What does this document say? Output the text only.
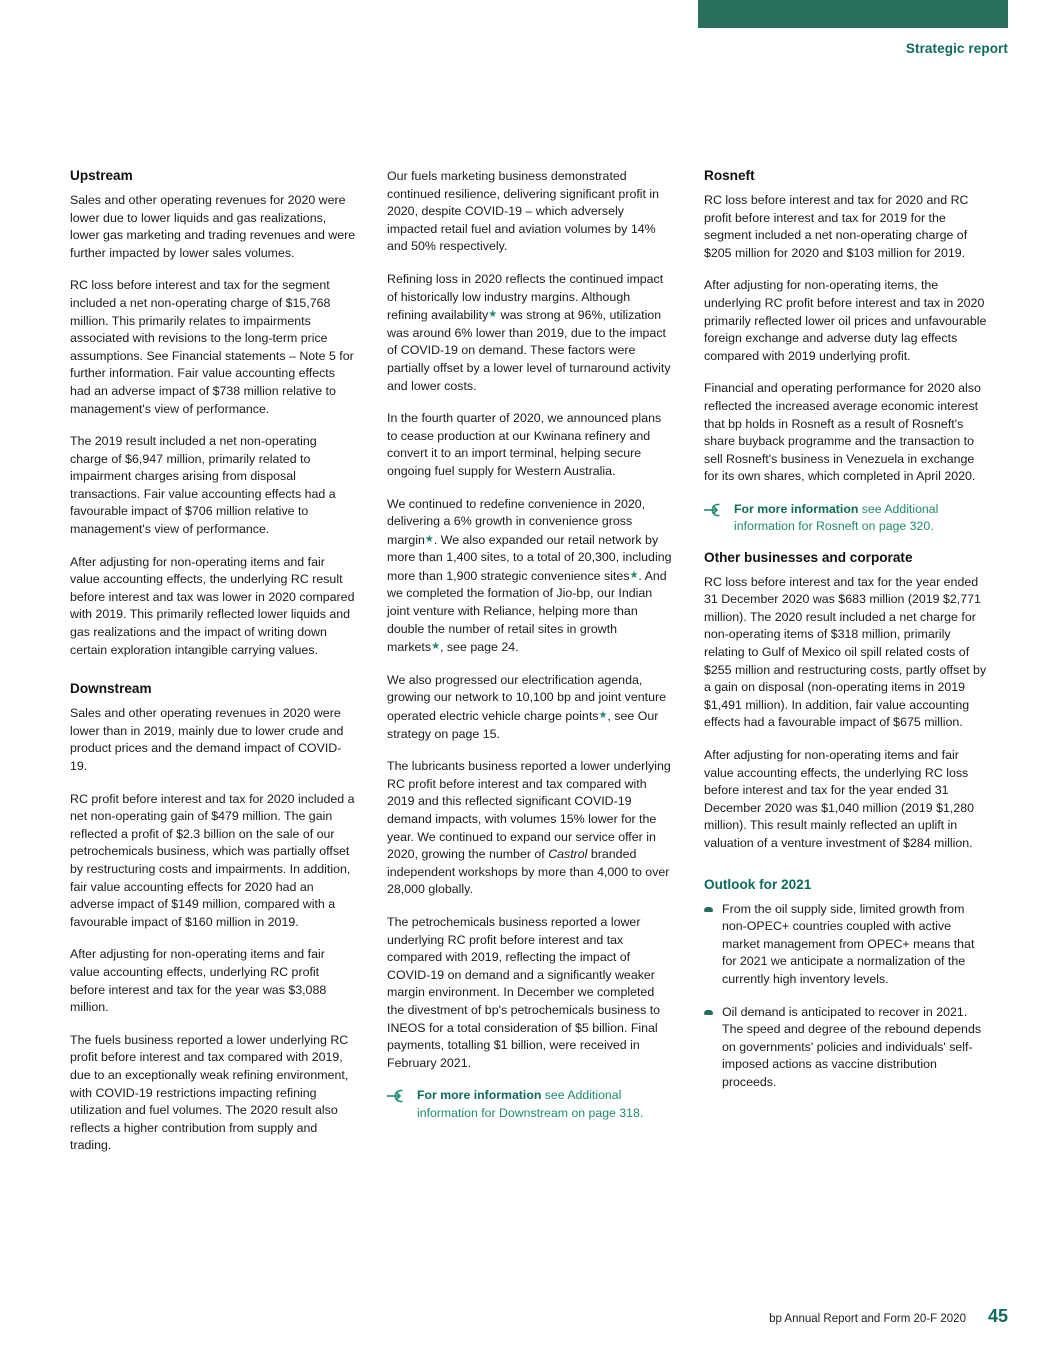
Strategic report
Upstream

Sales and other operating revenues for 2020 were lower due to lower liquids and gas realizations, lower gas marketing and trading revenues and were further impacted by lower sales volumes.

RC loss before interest and tax for the segment included a net non-operating charge of $15,768 million. This primarily relates to impairments associated with revisions to the long-term price assumptions. See Financial statements – Note 5 for further information. Fair value accounting effects had an adverse impact of $738 million relative to management's view of performance.

The 2019 result included a net non-operating charge of $6,947 million, primarily related to impairment charges arising from disposal transactions. Fair value accounting effects had a favourable impact of $706 million relative to management's view of performance.

After adjusting for non-operating items and fair value accounting effects, the underlying RC result before interest and tax was lower in 2020 compared with 2019. This primarily reflected lower liquids and gas realizations and the impact of writing down certain exploration intangible carrying values.

Downstream

Sales and other operating revenues in 2020 were lower than in 2019, mainly due to lower crude and product prices and the demand impact of COVID-19.

RC profit before interest and tax for 2020 included a net non-operating gain of $479 million. The gain reflected a profit of $2.3 billion on the sale of our petrochemicals business, which was partially offset by restructuring costs and impairments. In addition, fair value accounting effects for 2020 had an adverse impact of $149 million, compared with a favourable impact of $160 million in 2019.

After adjusting for non-operating items and fair value accounting effects, underlying RC profit before interest and tax for the year was $3,088 million.

The fuels business reported a lower underlying RC profit before interest and tax compared with 2019, due to an exceptionally weak refining environment, with COVID-19 restrictions impacting refining utilization and fuel volumes. The 2020 result also reflects a higher contribution from supply and trading.

Our fuels marketing business demonstrated continued resilience, delivering significant profit in 2020, despite COVID-19 – which adversely impacted retail fuel and aviation volumes by 14% and 50% respectively.

Refining loss in 2020 reflects the continued impact of historically low industry margins. Although refining availability★ was strong at 96%, utilization was around 6% lower than 2019, due to the impact of COVID-19 on demand. These factors were partially offset by a lower level of turnaround activity and lower costs.

In the fourth quarter of 2020, we announced plans to cease production at our Kwinana refinery and convert it to an import terminal, helping secure ongoing fuel supply for Western Australia.

We continued to redefine convenience in 2020, delivering a 6% growth in convenience gross margin★. We also expanded our retail network by more than 1,400 sites, to a total of 20,300, including more than 1,900 strategic convenience sites★. And we completed the formation of Jio-bp, our Indian joint venture with Reliance, helping more than double the number of retail sites in growth markets★, see page 24.

We also progressed our electrification agenda, growing our network to 10,100 bp and joint venture operated electric vehicle charge points★, see Our strategy on page 15.

The lubricants business reported a lower underlying RC profit before interest and tax compared with 2019 and this reflected significant COVID-19 demand impacts, with volumes 15% lower for the year. We continued to expand our service offer in 2020, growing the number of Castrol branded independent workshops by more than 4,000 to over 28,000 globally.

The petrochemicals business reported a lower underlying RC profit before interest and tax compared with 2019, reflecting the impact of COVID-19 on demand and a significantly weaker margin environment. In December we completed the divestment of bp's petrochemicals business to INEOS for a total consideration of $5 billion. Final payments, totalling $1 billion, were received in February 2021.

For more information see Additional information for Downstream on page 318.
Rosneft

RC loss before interest and tax for 2020 and RC profit before interest and tax for 2019 for the segment included a net non-operating charge of $205 million for 2020 and $103 million for 2019.

After adjusting for non-operating items, the underlying RC profit before interest and tax in 2020 primarily reflected lower oil prices and unfavourable foreign exchange and adverse duty lag effects compared with 2019 underlying profit.

Financial and operating performance for 2020 also reflected the increased average economic interest that bp holds in Rosneft as a result of Rosneft's share buyback programme and the transaction to sell Rosneft's business in Venezuela in exchange for its own shares, which completed in April 2020.

For more information see Additional information for Rosneft on page 320.
Other businesses and corporate

RC loss before interest and tax for the year ended 31 December 2020 was $683 million (2019 $2,771 million). The 2020 result included a net charge for non-operating items of $318 million, primarily relating to Gulf of Mexico oil spill related costs of $255 million and restructuring costs, partly offset by a gain on disposal (non-operating items in 2019 $1,491 million). In addition, fair value accounting effects had a favourable impact of $675 million.

After adjusting for non-operating items and fair value accounting effects, the underlying RC loss before interest and tax for the year ended 31 December 2020 was $1,040 million (2019 $1,280 million). This result mainly reflected an uplift in valuation of a venture investment of $284 million.

Outlook for 2021
From the oil supply side, limited growth from non-OPEC+ countries coupled with active market management from OPEC+ means that for 2021 we anticipate a normalization of the currently high inventory levels.
Oil demand is anticipated to recover in 2021. The speed and degree of the rebound depends on governments' policies and individuals' self-imposed actions as vaccine distribution proceeds.
bp Annual Report and Form 20-F 2020 45
